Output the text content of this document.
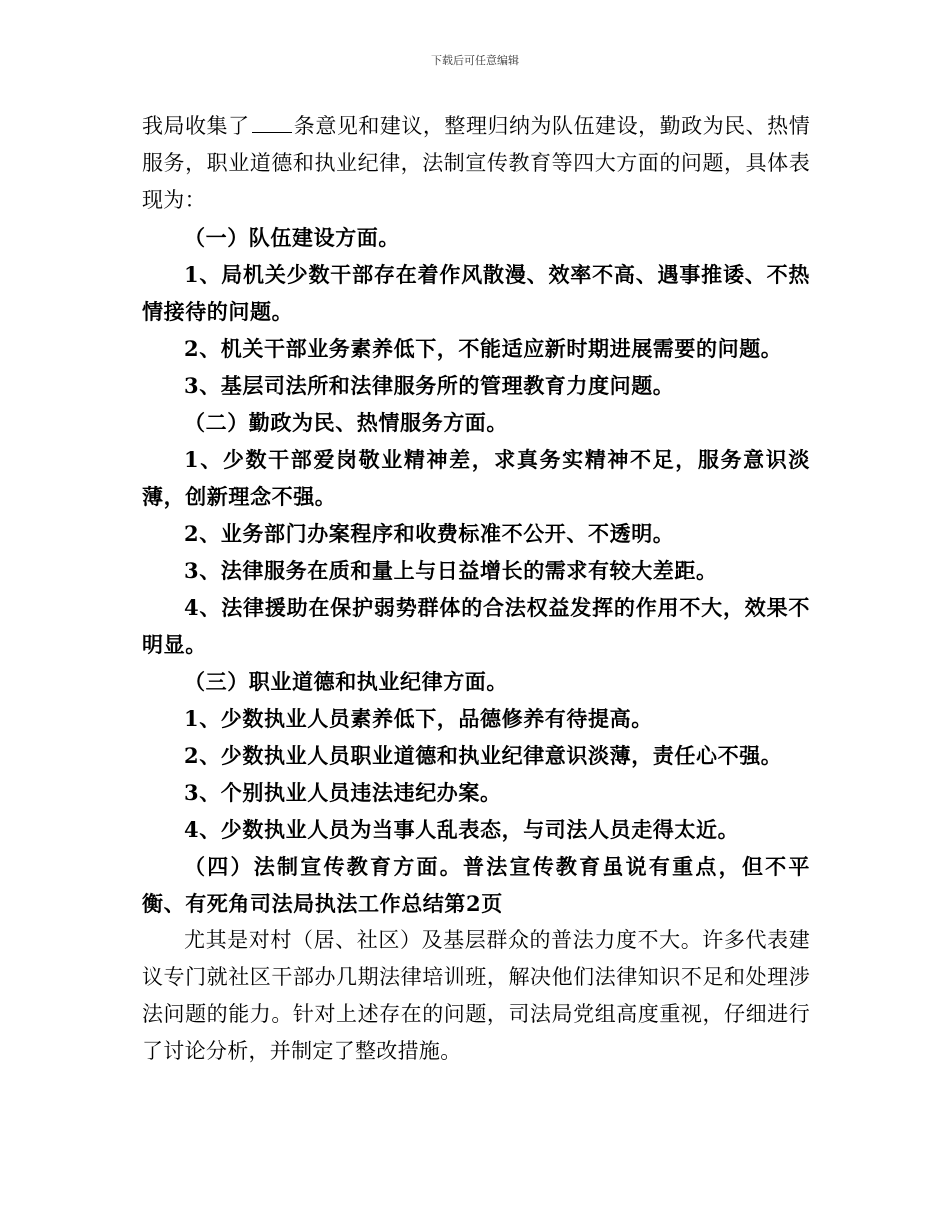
下载后可任意编辑

我局收集了 条意见和建议，整理归纳为队伍建设，勤政为民、热情服务，职业道德和执业纪律，法制宣传教育等四大方面的问题，具体表现为：

（一）队伍建设方面。

1、局机关少数干部存在着作风散漫、效率不高、遇事推诿、不热情接待的问题。

2、机关干部业务素养低下，不能适应新时期进展需要的问题。

3、基层司法所和法律服务所的管理教育力度问题。

（二）勤政为民、热情服务方面。

1、少数干部爱岗敬业精神差，求真务实精神不足，服务意识淡薄，创新理念不强。

2、业务部门办案程序和收费标准不公开、不透明。

3、法律服务在质和量上与日益增长的需求有较大差距。

4、法律援助在保护弱势群体的合法权益发挥的作用不大，效果不明显。

（三）职业道德和执业纪律方面。

1、少数执业人员素养低下，品德修养有待提高。

2、少数执业人员职业道德和执业纪律意识淡薄，责任心不强。

3、个别执业人员违法违纪办案。

4、少数执业人员为当事人乱表态，与司法人员走得太近。

（四）法制宣传教育方面。普法宣传教育虽说有重点，但不平衡、有死角司法局执法工作总结第2页

尤其是对村（居、社区）及基层群众的普法力度不大。许多代表建议专门就社区干部办几期法律培训班，解决他们法律知识不足和处理涉法问题的能力。针对上述存在的问题，司法局党组高度重视，仔细进行了讨论分析，并制定了整改措施。
